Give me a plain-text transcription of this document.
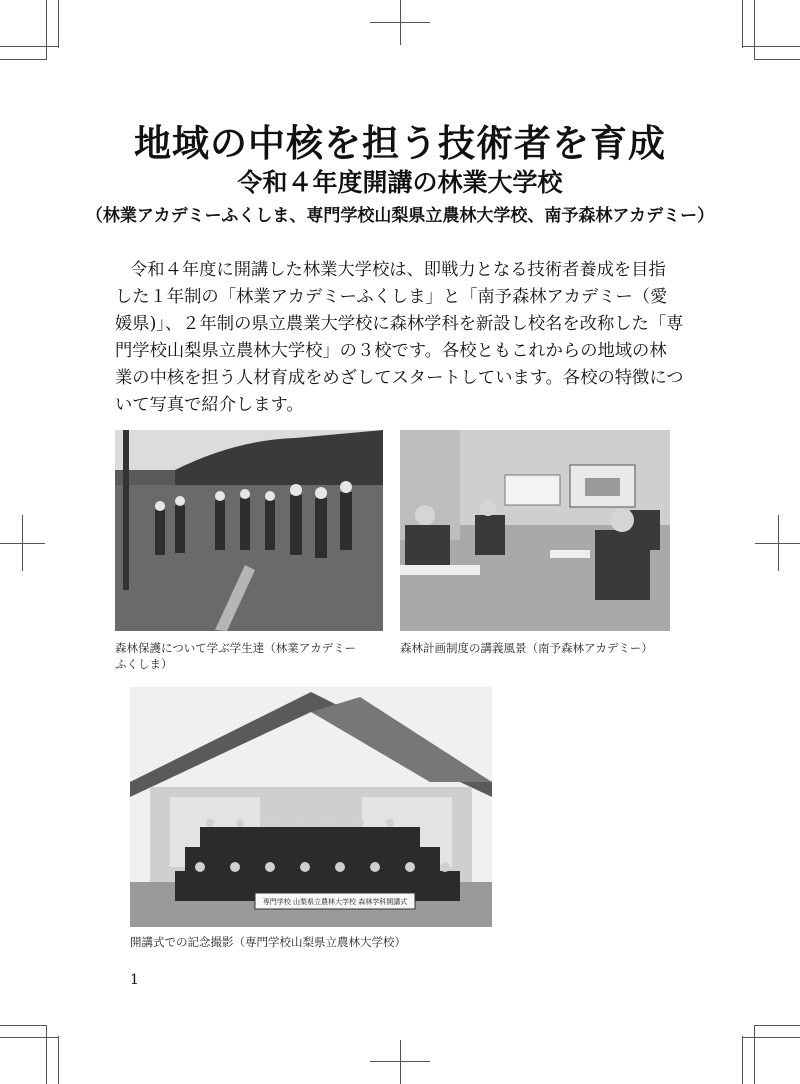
地域の中核を担う技術者を育成
令和４年度開講の林業大学校
（林業アカデミーふくしま、専門学校山梨県立農林大学校、南予森林アカデミー）
令和４年度に開講した林業大学校は、即戦力となる技術者養成を目指
した１年制の「林業アカデミーふくしま」と「南予森林アカデミー（愛
媛県)」、２年制の県立農業大学校に森林学科を新設し校名を改称した「専
門学校山梨県立農林大学校」の３校です。各校ともこれからの地域の林
業の中核を担う人材育成をめざしてスタートしています。各校の特徴につ
いて写真で紹介します。
森林保護について学ぶ学生達（林業アカデミー
ふくしま）
森林計画制度の講義風景（南予森林アカデミー）
専門学校 山梨県立農林大学校 森林学科開講式
開講式での記念撮影（専門学校山梨県立農林大学校）
1
